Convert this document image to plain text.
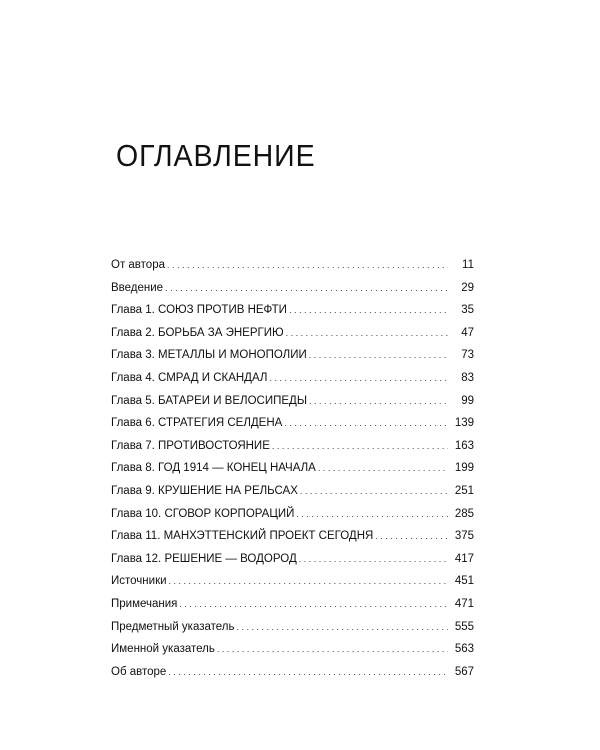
ОГЛАВЛЕНИЕ
От автора . . .	11
Введение . . .	29
Глава 1. СОЮЗ ПРОТИВ НЕФТИ . . .	35
Глава 2. БОРЬБА ЗА ЭНЕРГИЮ . . .	47
Глава 3. МЕТАЛЛЫ И МОНОПОЛИИ . . .	73
Глава 4. СМРАД И СКАНДАЛ . . .	83
Глава 5. БАТАРЕИ И ВЕЛОСИПЕДЫ . . .	99
Глава 6. СТРАТЕГИЯ СЕЛДЕНА . . .	139
Глава 7. ПРОТИВОСТОЯНИЕ . . .	163
Глава 8. ГОД 1914 — КОНЕЦ НАЧАЛА . . .	199
Глава 9. КРУШЕНИЕ НА РЕЛЬСАХ . . .	251
Глава 10. СГОВОР КОРПОРАЦИЙ . . .	285
Глава 11. МАНХЭТТЕНСКИЙ ПРОЕКТ СЕГОДНЯ . . .	375
Глава 12. РЕШЕНИЕ — ВОДОРОД . . .	417
Источники . . .	451
Примечания . . .	471
Предметный указатель . . .	555
Именной указатель . . .	563
Об авторе . . .	567
